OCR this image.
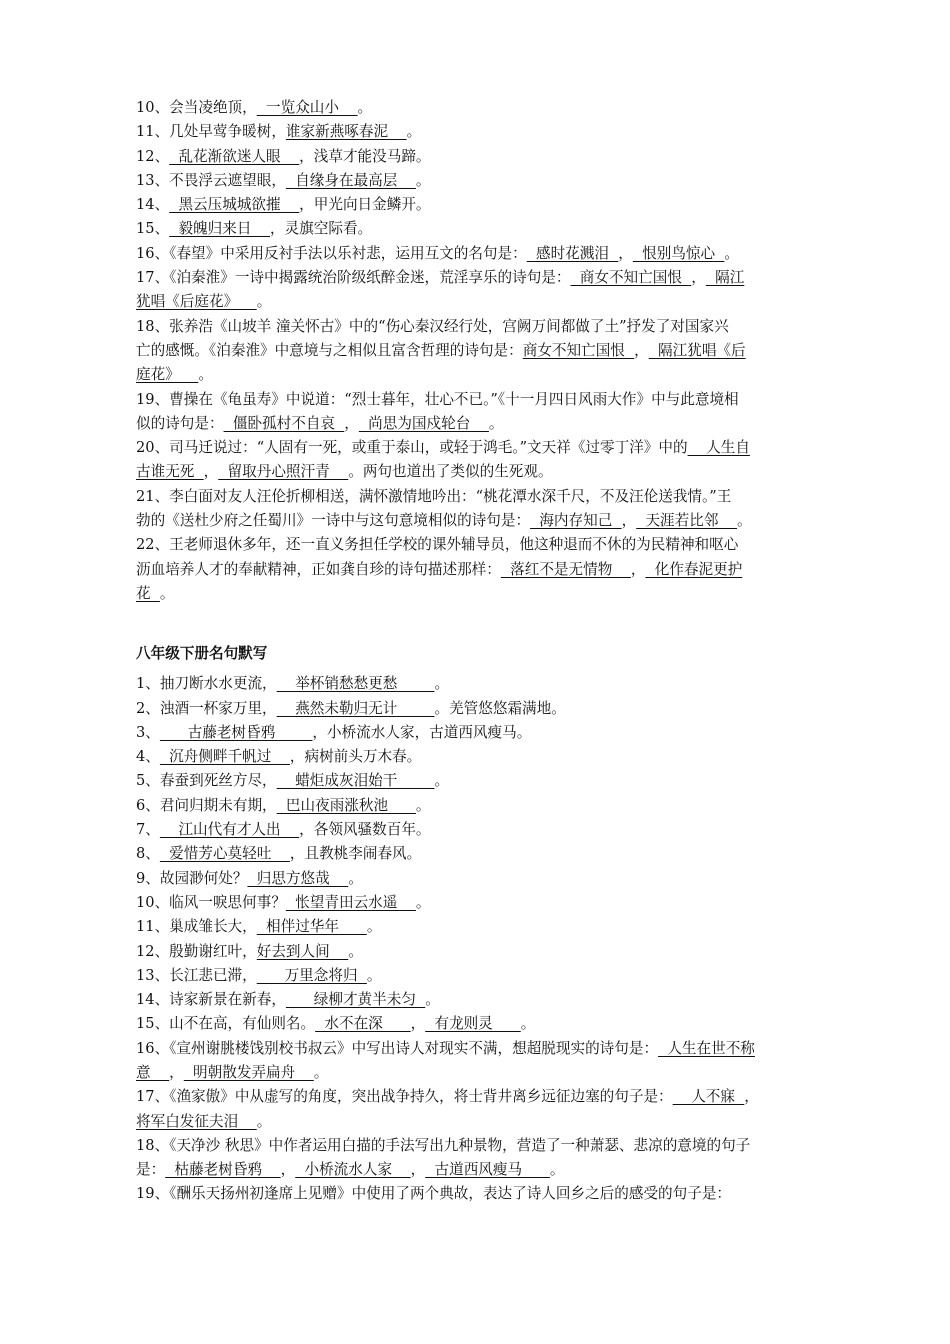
10、会当凌绝顶，  一览众山小    。
11、几处早莺争暖树，谁家新燕啄春泥    。
12、  乱花渐欲迷人眼    ，浅草才能没马蹄。
13、不畏浮云遮望眼，  自缘身在最高层    。
14、  黑云压城城欲摧    ，甲光向日金鳞开。
15、  毅魄归来日    ，灵旗空际看。
16、《春望》中采用反衬手法以乐衬悲，运用互文的名句是：  感时花溅泪  ，  恨别鸟惊心  。
17、《泊秦淮》一诗中揭露统治阶级纸醉金迷，荒淫享乐的诗句是：  商女不知亡国恨  ，  隔江
犹唱《后庭花》    。
18、张养浩《山坡羊 潼关怀古》中的“伤心秦汉经行处，宫阙万间都做了土”抒发了对国家兴
亡的感慨。《泊秦淮》中意境与之相似且富含哲理的诗句是：商女不知亡国恨  ，  隔江犹唱《后
庭花》    。
19、曹操在《龟虽寿》中说道：“烈士暮年，壮心不已。”《十一月四日风雨大作》中与此意境相
似的诗句是：  僵卧孤村不自哀  ，  尚思为国戍轮台    。
20、司马迁说过：“人固有一死，或重于泰山，或轻于鸿毛。”文天祥《过零丁洋》中的    人生自
古谁无死  ，  留取丹心照汗青    。两句也道出了类似的生死观。
21、李白面对友人汪伦折柳相送，满怀激情地吟出：“桃花潭水深千尺，不及汪伦送我情。”王
勃的《送杜少府之任蜀川》一诗中与这句意境相似的诗句是：  海内存知己  ，  天涯若比邻    。
22、王老师退休多年，还一直义务担任学校的课外辅导员，他这种退而不休的为民精神和呕心
沥血培养人才的奉献精神，正如龚自珍的诗句描述那样：  落红不是无情物    ，  化作春泥更护
花  。
八年级下册名句默写
1、抽刀断水水更流，    举杯销愁愁更愁        。
2、浊酒一杯家万里，    燕然未勒归无计        。羌管悠悠霜满地。
3、      古藤老树昏鸦        ，小桥流水人家，古道西风瘦马。
4、  沉舟侧畔千帆过    ，病树前头万木春。
5、春蚕到死丝方尽，    蜡炬成灰泪始干        。
6、君问归期未有期，  巴山夜雨涨秋池      。
7、    江山代有才人出    ，各领风骚数百年。
8、  爱惜芳心莫轻吐    ，且教桃李闹春风。
9、故园渺何处？  归思方悠哉    。
10、临风一唳思何事？  怅望青田云水遥    。
11、巢成雏长大，  相伴过华年      。
12、殷勤谢红叶，好去到人间    。
13、长江悲已滞，      万里念将归  。
14、诗家新景在新春，      绿柳才黄半未匀  。
15、山不在高，有仙则名。  水不在深      ，  有龙则灵      。
16、《宣州谢朓楼饯别校书叔云》中写出诗人对现实不满，想超脱现实的诗句是：  人生在世不称
意    ，  明朝散发弄扁舟    。
17、《渔家傲》中从虚写的角度，突出战争持久，将士背井离乡远征边塞的句子是：    人不寐  ，
将军白发征夫泪    。
18、《天净沙 秋思》中作者运用白描的手法写出九种景物，营造了一种萧瑟、悲凉的意境的句子
是：  枯藤老树昏鸦    ，  小桥流水人家    ，  古道西风瘦马      。
19、《酬乐天扬州初逢席上见赠》中使用了两个典故，表达了诗人回乡之后的感受的句子是：
